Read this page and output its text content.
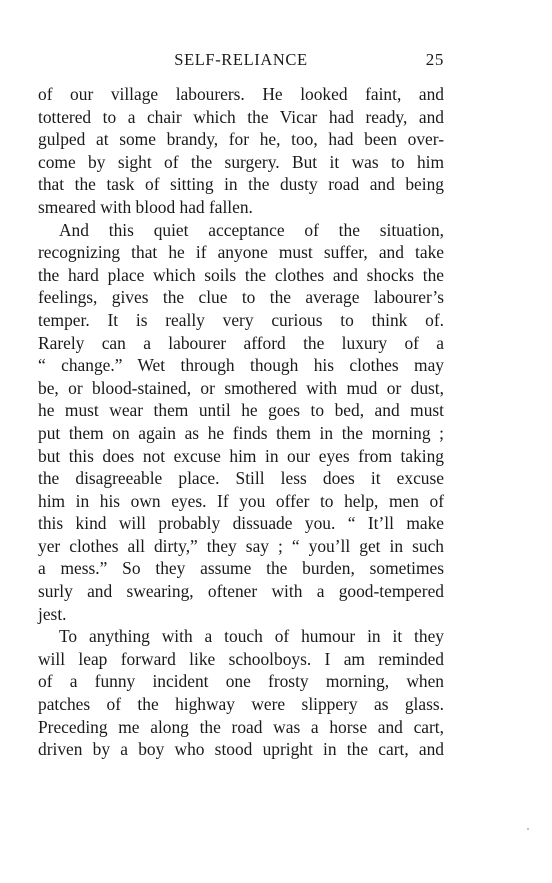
SELF-RELIANCE	25
of our village labourers. He looked faint, and
tottered to a chair which the Vicar had ready, and
gulped at some brandy, for he, too, had been over-
come by sight of the surgery. But it was to him
that the task of sitting in the dusty road and being
smeared with blood had fallen.
And this quiet acceptance of the situation,
recognizing that he if anyone must suffer, and take
the hard place which soils the clothes and shocks the
feelings, gives the clue to the average labourer’s
temper. It is really very curious to think of.
Rarely can a labourer afford the luxury of a
“ change.” Wet through though his clothes may
be, or blood-stained, or smothered with mud or dust,
he must wear them until he goes to bed, and must
put them on again as he finds them in the morning ;
but this does not excuse him in our eyes from taking
the disagreeable place. Still less does it excuse
him in his own eyes. If you offer to help, men of
this kind will probably dissuade you. “ It’ll make
yer clothes all dirty,” they say ; “ you’ll get in such
a mess.” So they assume the burden, sometimes
surly and swearing, oftener with a good-tempered
jest.
To anything with a touch of humour in it they
will leap forward like schoolboys. I am reminded
of a funny incident one frosty morning, when
patches of the highway were slippery as glass.
Preceding me along the road was a horse and cart,
driven by a boy who stood upright in the cart, and
